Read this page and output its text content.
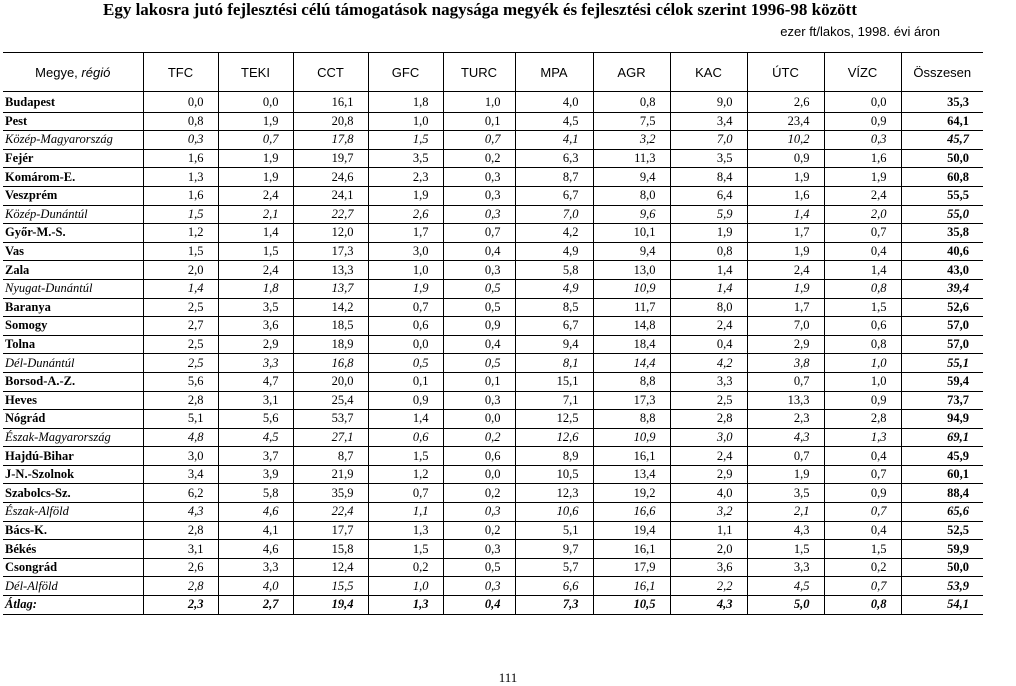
Egy lakosra jutó fejlesztési célú támogatások nagysága megyék és fejlesztési célok szerint 1996-98 között
ezer ft/lakos, 1998. évi áron
Megye, régió	TFC	TEKI	CCT	GFC	TURC	MPA	AGR	KAC	ÚTC	VÍZC	Összesen
Budapest	0,0	0,0	16,1	1,8	1,0	4,0	0,8	9,0	2,6	0,0	35,3
Pest	0,8	1,9	20,8	1,0	0,1	4,5	7,5	3,4	23,4	0,9	64,1
Közép-Magyarország	0,3	0,7	17,8	1,5	0,7	4,1	3,2	7,0	10,2	0,3	45,7
Fejér	1,6	1,9	19,7	3,5	0,2	6,3	11,3	3,5	0,9	1,6	50,0
Komárom-E.	1,3	1,9	24,6	2,3	0,3	8,7	9,4	8,4	1,9	1,9	60,8
Veszprém	1,6	2,4	24,1	1,9	0,3	6,7	8,0	6,4	1,6	2,4	55,5
Közép-Dunántúl	1,5	2,1	22,7	2,6	0,3	7,0	9,6	5,9	1,4	2,0	55,0
Győr-M.-S.	1,2	1,4	12,0	1,7	0,7	4,2	10,1	1,9	1,7	0,7	35,8
Vas	1,5	1,5	17,3	3,0	0,4	4,9	9,4	0,8	1,9	0,4	40,6
Zala	2,0	2,4	13,3	1,0	0,3	5,8	13,0	1,4	2,4	1,4	43,0
Nyugat-Dunántúl	1,4	1,8	13,7	1,9	0,5	4,9	10,9	1,4	1,9	0,8	39,4
Baranya	2,5	3,5	14,2	0,7	0,5	8,5	11,7	8,0	1,7	1,5	52,6
Somogy	2,7	3,6	18,5	0,6	0,9	6,7	14,8	2,4	7,0	0,6	57,0
Tolna	2,5	2,9	18,9	0,0	0,4	9,4	18,4	0,4	2,9	0,8	57,0
Dél-Dunántúl	2,5	3,3	16,8	0,5	0,5	8,1	14,4	4,2	3,8	1,0	55,1
Borsod-A.-Z.	5,6	4,7	20,0	0,1	0,1	15,1	8,8	3,3	0,7	1,0	59,4
Heves	2,8	3,1	25,4	0,9	0,3	7,1	17,3	2,5	13,3	0,9	73,7
Nógrád	5,1	5,6	53,7	1,4	0,0	12,5	8,8	2,8	2,3	2,8	94,9
Észak-Magyarország	4,8	4,5	27,1	0,6	0,2	12,6	10,9	3,0	4,3	1,3	69,1
Hajdú-Bihar	3,0	3,7	8,7	1,5	0,6	8,9	16,1	2,4	0,7	0,4	45,9
J-N.-Szolnok	3,4	3,9	21,9	1,2	0,0	10,5	13,4	2,9	1,9	0,7	60,1
Szabolcs-Sz.	6,2	5,8	35,9	0,7	0,2	12,3	19,2	4,0	3,5	0,9	88,4
Észak-Alföld	4,3	4,6	22,4	1,1	0,3	10,6	16,6	3,2	2,1	0,7	65,6
Bács-K.	2,8	4,1	17,7	1,3	0,2	5,1	19,4	1,1	4,3	0,4	52,5
Békés	3,1	4,6	15,8	1,5	0,3	9,7	16,1	2,0	1,5	1,5	59,9
Csongrád	2,6	3,3	12,4	0,2	0,5	5,7	17,9	3,6	3,3	0,2	50,0
Dél-Alföld	2,8	4,0	15,5	1,0	0,3	6,6	16,1	2,2	4,5	0,7	53,9
Átlag:	2,3	2,7	19,4	1,3	0,4	7,3	10,5	4,3	5,0	0,8	54,1
111
